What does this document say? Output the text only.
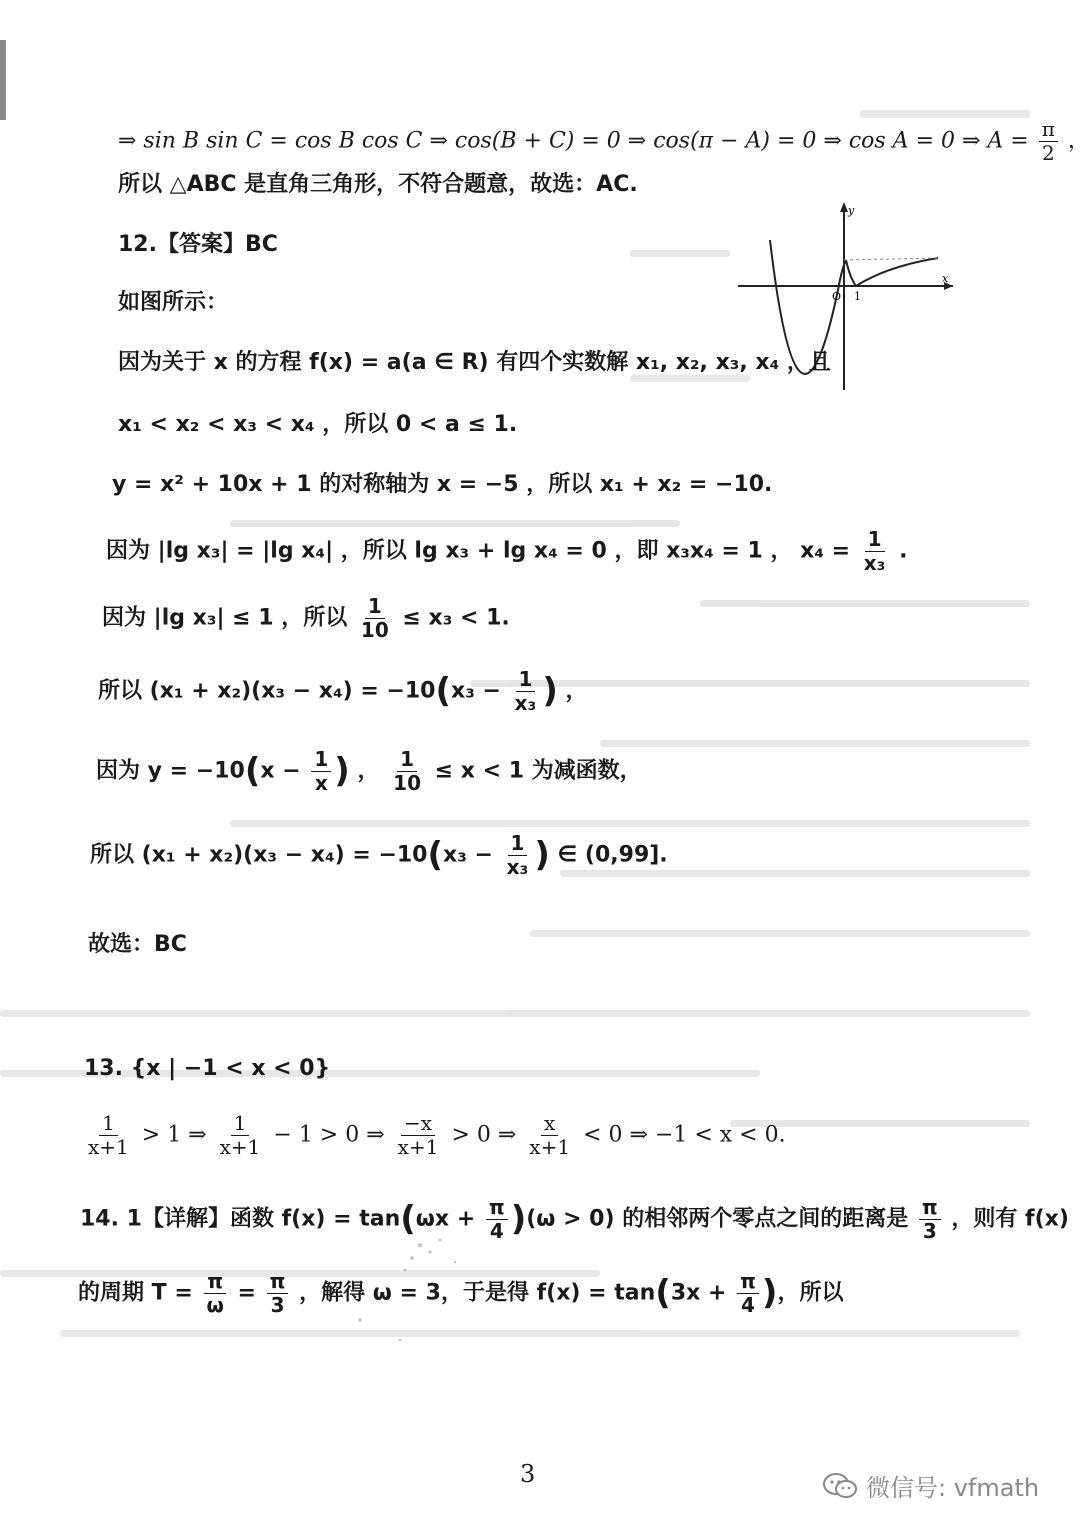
⇒ sin B sin C = cos B cos C ⇒ cos(B + C) = 0 ⇒ cos(π − A) = 0 ⇒ cos A = 0 ⇒ $A = \frac{\pi}{2}$ ，
所以 △ABC 是直角三角形，不符合题意，故选：AC.
12.【答案】BC
如图所示：
y
x
O 1
因为关于 x 的方程 f(x) = a(a ∈ R) 有四个实数解 x₁, x₂, x₃, x₄ ，且
x₁ < x₂ < x₃ < x₄ ，所以 0 < a ≤ 1.
y = x² + 10x + 1 的对称轴为 x = −5 ，所以 x₁ + x₂ = −10.
因为 |lg x₃| = |lg x₄| ，所以 lg x₃ + lg x₄ = 0 ，即 x₃x₄ = 1 ， $x_4 = \frac{1}{\text{x₃}}$ .
因为 |lg x₃| ≤ 1 ，所以 $\frac{1}{10} \le x_3 < 1$.
所以 $(x_1 + x_2)(x_3 - x_4) = -10(x_3 - \frac{1}{\text{x₃}}$ ) ，
因为 $y = -10(x - \frac{1}{x}$ ) ， $\frac{1}{10} \le x < 1$ 为减函数，
所以 $(x_1 + x_2)(x_3 - x_4) = -10(x_3 - \frac{1}{\text{x₃}}$ ) ∈ (0,99].
故选：BC
13. {x | −1 < x < 0}
$\frac{1}{x+1} > 1$ ⇒ $\frac{1}{x+1} - 1 > 0$ ⇒ $\frac{-x}{x+1} > 0$ ⇒ $\frac{x}{x+1} < 0$ ⇒ −1 < x < 0.
14. 1【详解】函数 $f(x) = \tan(\omega x + \frac{\pi}{4} )(\omega > 0)$ 的相邻两个零点之间的距离是 $\frac{\pi}{3}$ ，则有 f(x)
的周期 $T = \frac{\pi}{\omega} = \frac{\pi}{3}$ ，解得 ω = 3，于是得 $f(x) = \tan(3x + \frac{\pi}{4}$ )，所以
3	微信号: vfmath
